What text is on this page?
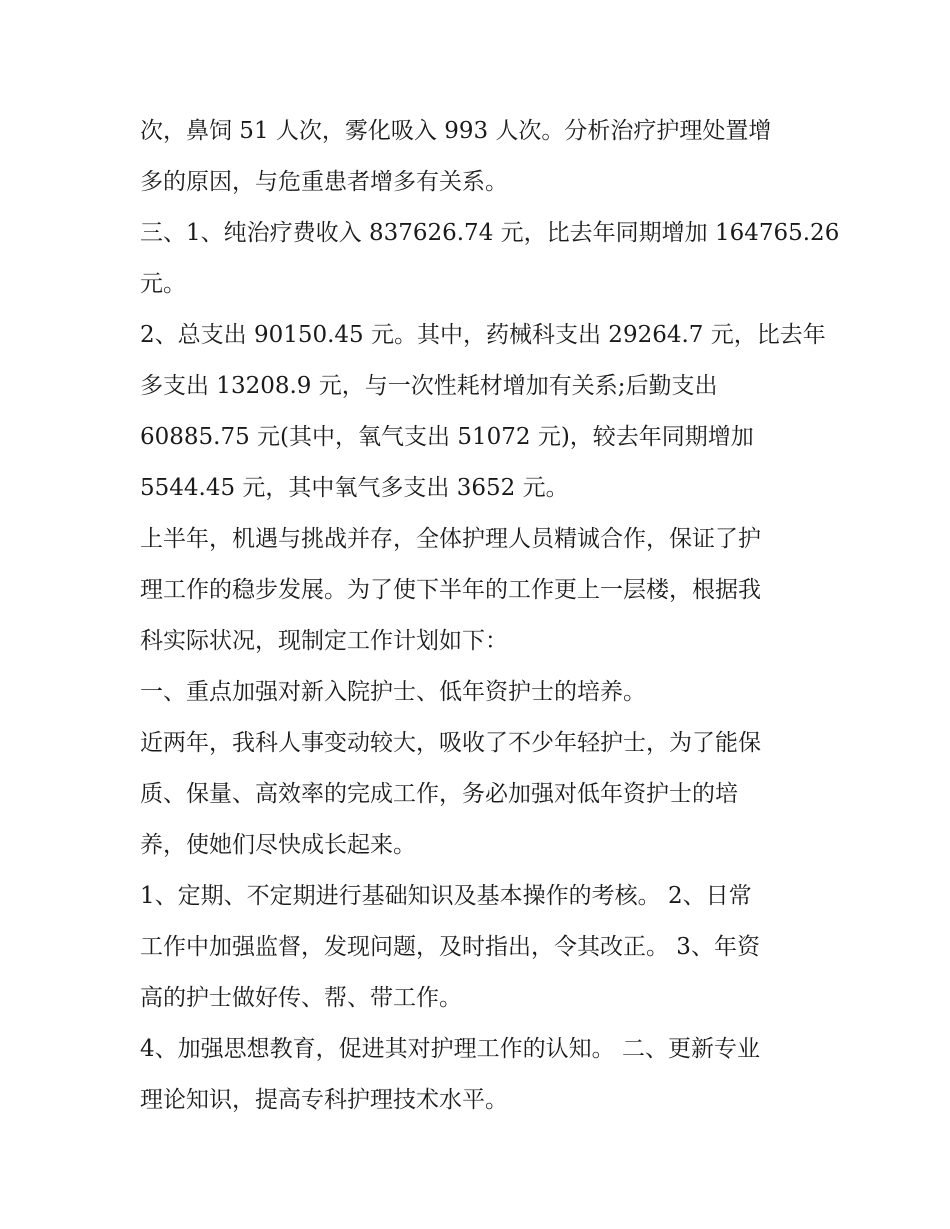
次，鼻饲 51 人次，雾化吸入 993 人次。分析治疗护理处置增
多的原因，与危重患者增多有关系。

三、1、纯治疗费收入 837626.74 元，比去年同期增加 164765.26
元。

2、总支出 90150.45 元。其中，药械科支出 29264.7 元，比去年
多支出 13208.9 元，与一次性耗材增加有关系;后勤支出
60885.75 元(其中，氧气支出 51072 元)，较去年同期增加
5544.45 元，其中氧气多支出 3652 元。

上半年，机遇与挑战并存，全体护理人员精诚合作，保证了护
理工作的稳步发展。为了使下半年的工作更上一层楼，根据我
科实际状况，现制定工作计划如下：

一、重点加强对新入院护士、低年资护士的培养。

近两年，我科人事变动较大，吸收了不少年轻护士，为了能保
质、保量、高效率的完成工作，务必加强对低年资护士的培
养，使她们尽快成长起来。

1、定期、不定期进行基础知识及基本操作的考核。 2、日常
工作中加强监督，发现问题，及时指出，令其改正。 3、年资
高的护士做好传、帮、带工作。

4、加强思想教育，促进其对护理工作的认知。 二、更新专业
理论知识，提高专科护理技术水平。
